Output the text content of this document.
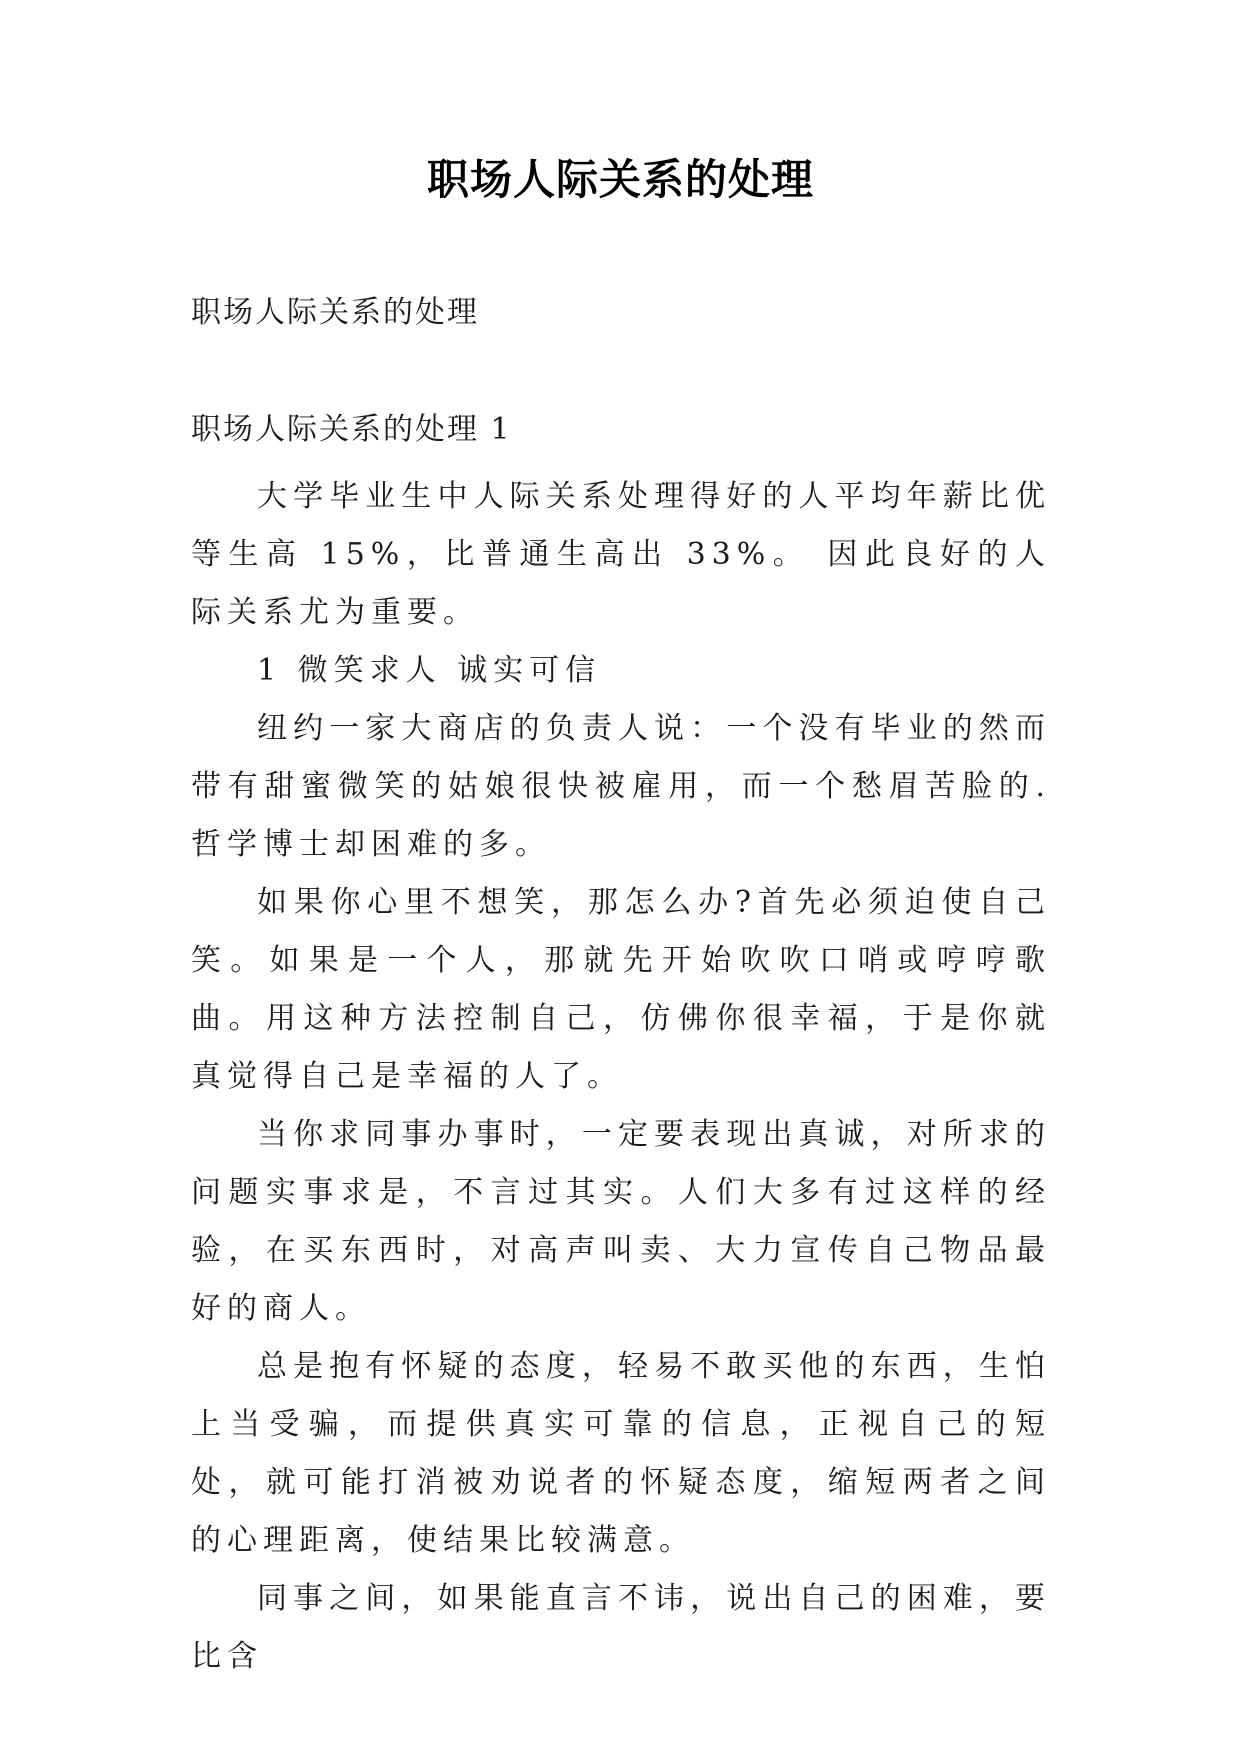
职场人际关系的处理
职场人际关系的处理
职场人际关系的处理 1

大学毕业生中人际关系处理得好的人平均年薪比优等生高 15%，比普通生高出 33%。 因此良好的人际关系尤为重要。

1 微笑求人 诚实可信

纽约一家大商店的负责人说：一个没有毕业的然而带有甜蜜微笑的姑娘很快被雇用，而一个愁眉苦脸的.哲学博士却困难的多。

如果你心里不想笑，那怎么办?首先必须迫使自己笑。如果是一个人，那就先开始吹吹口哨或哼哼歌曲。用这种方法控制自己，仿佛你很幸福，于是你就真觉得自己是幸福的人了。

当你求同事办事时，一定要表现出真诚，对所求的问题实事求是，不言过其实。人们大多有过这样的经验，在买东西时，对高声叫卖、大力宣传自己物品最好的商人。

总是抱有怀疑的态度，轻易不敢买他的东西，生怕上当受骗，而提供真实可靠的信息，正视自己的短处，就可能打消被劝说者的怀疑态度，缩短两者之间的心理距离，使结果比较满意。

同事之间，如果能直言不讳，说出自己的困难，要比含
